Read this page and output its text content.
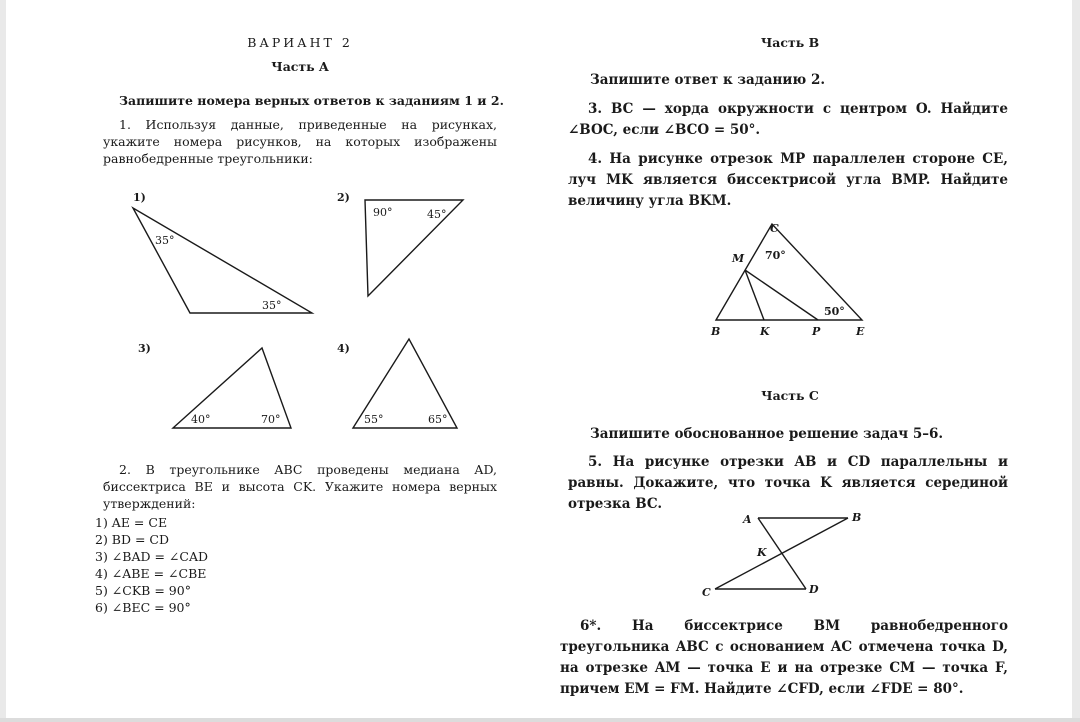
ВАРИАНТ 2
Часть A
Запишите номера верных ответов к заданиям 1 и 2.
1. Используя данные, приведенные на рисунках, укажите номера рисунков, на которых изображены равнобедренные треугольники:
1)
35°
35°
2)
90°	45°
3)
40°	70°
4)
55°	65°
C
M
B	K	P	E
A	B
K
C	D
70°
50°
2. В треугольнике ABC проведены медиана AD, биссектриса BE и высота CK. Укажите номера верных утверждений:
1) AE = CE
2) BD = CD
3) ∠BAD = ∠CAD
4) ∠ABE = ∠CBE
5) ∠CKB = 90°
6) ∠BEC = 90°
Часть B
Запишите ответ к заданию 2.
3. BC — хорда окружности с центром O. Найдите ∠BOC, если ∠BCO = 50°.
4. На рисунке отрезок MP параллелен стороне CE, луч MK является биссектрисой угла BMP. Найдите величину угла BKM.
Часть C
Запишите обоснованное решение задач 5–6.
5. На рисунке отрезки AB и CD параллельны и равны. Докажите, что точка K является серединой отрезка BC.
6*. На биссектрисе BM равнобедренного треугольника ABC с основанием AC отмечена точка D, на отрезке AM — точка E и на отрезке CM — точка F, причем EM = FM. Найдите ∠CFD, если ∠FDE = 80°.
